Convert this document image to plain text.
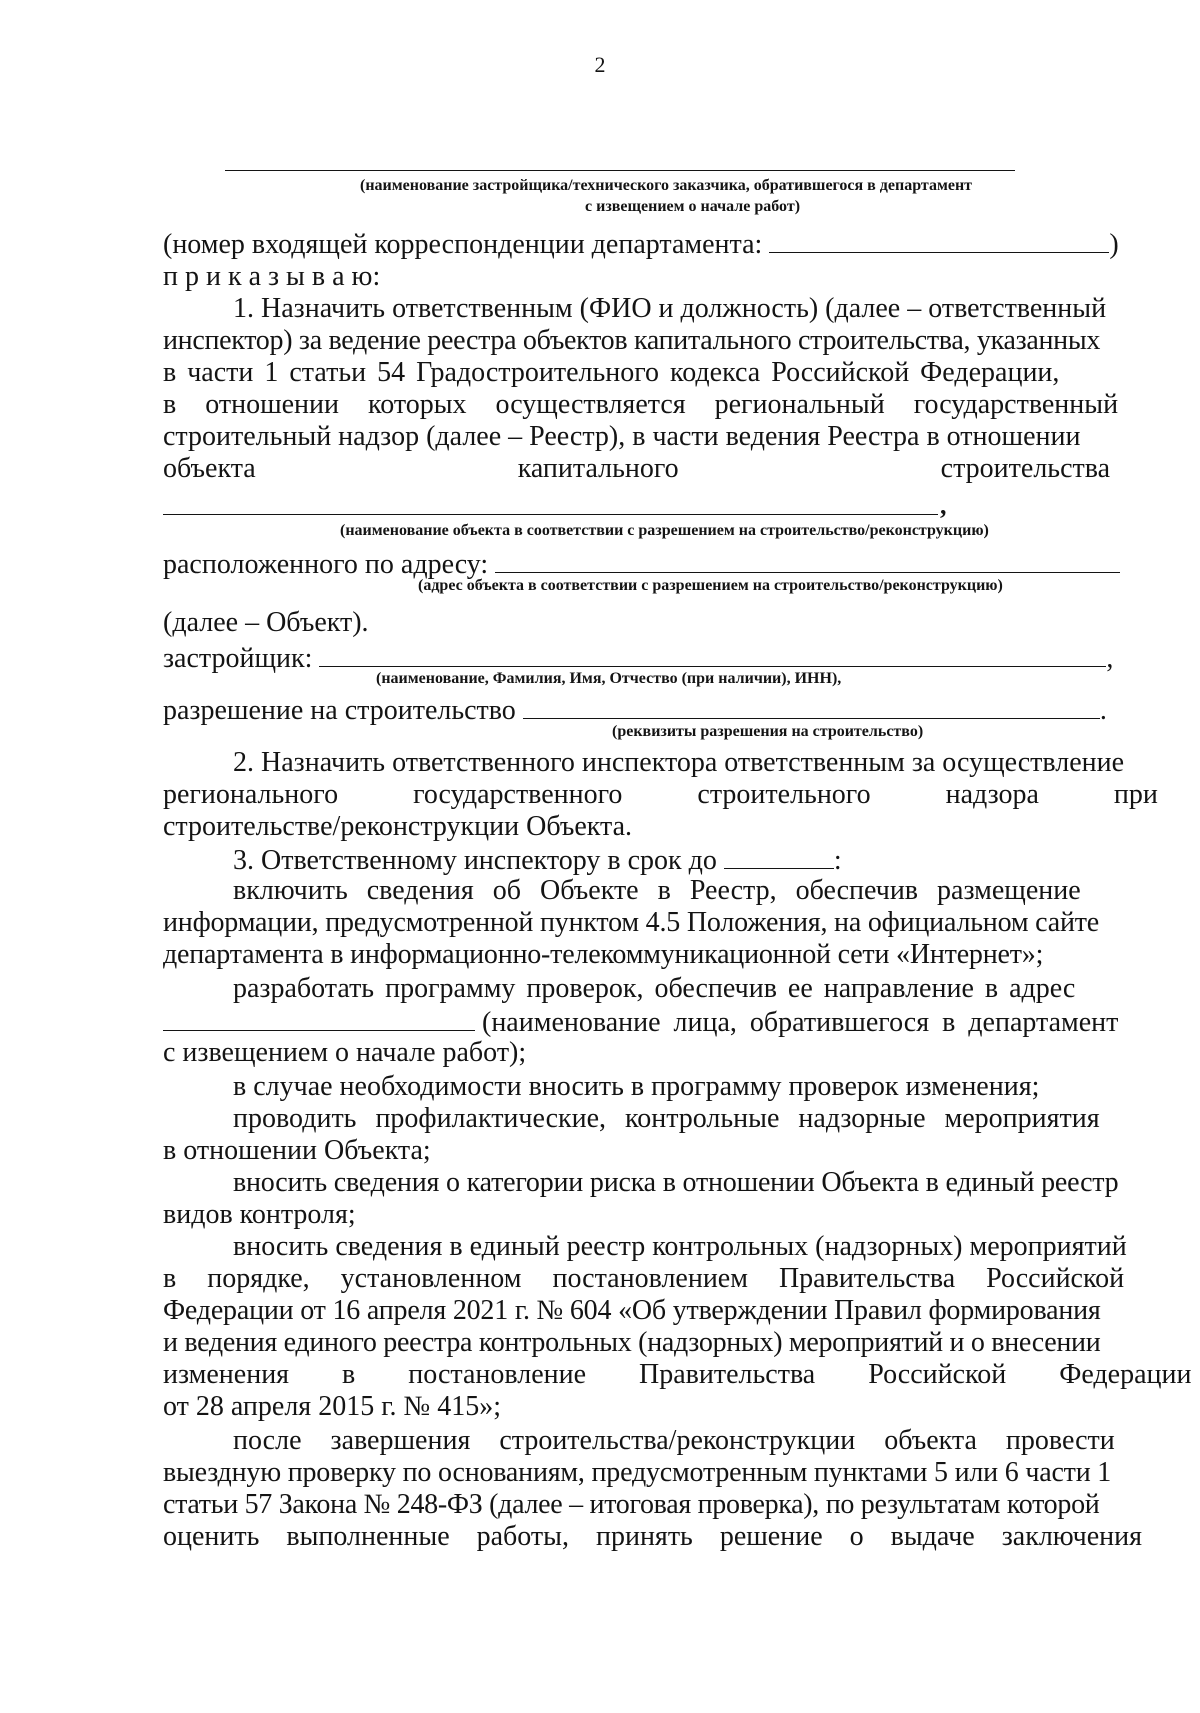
2
(наименование застройщика/технического заказчика, обратившегося в департамент
с извещением о начале работ)
(номер входящей корреспонденции департамента:	)
п р и к а з ы в а ю:
1. Назначить ответственным (ФИО и должность) (далее – ответственный
инспектор) за ведение реестра объектов капитального строительства, указанных
в части 1 статьи 54 Градостроительного кодекса Российской Федерации,
в отношении которых осуществляется региональный государственный
строительный надзор (далее – Реестр), в части ведения Реестра в отношении
объекта капитального строительства
,
(наименование объекта в соответствии с разрешением на строительство/реконструкцию)
расположенного по адресу:
(адрес объекта в соответствии с разрешением на строительство/реконструкцию)
(далее – Объект).
застройщик:	,
(наименование, Фамилия, Имя, Отчество (при наличии), ИНН),
разрешение на строительство	.
(реквизиты разрешения на строительство)
2. Назначить ответственного инспектора ответственным за осуществление
регионального государственного строительного надзора при
строительстве/реконструкции Объекта.
3. Ответственному инспектору в срок до	:
включить сведения об Объекте в Реестр, обеспечив размещение
информации, предусмотренной пунктом 4.5 Положения, на официальном сайте
департамента в информационно-телекоммуникационной сети «Интернет»;
разработать программу проверок, обеспечив ее направление в адрес
(наименование лица, обратившегося в департамент
с извещением о начале работ);
в случае необходимости вносить в программу проверок изменения;
проводить профилактические, контрольные надзорные мероприятия
в отношении Объекта;
вносить сведения о категории риска в отношении Объекта в единый реестр
видов контроля;
вносить сведения в единый реестр контрольных (надзорных) мероприятий
в порядке, установленном постановлением Правительства Российской
Федерации от 16 апреля 2021 г. № 604 «Об утверждении Правил формирования
и ведения единого реестра контрольных (надзорных) мероприятий и о внесении
изменения в постановление Правительства Российской Федерации
от 28 апреля 2015 г. № 415»;
после завершения строительства/реконструкции объекта провести
выездную проверку по основаниям, предусмотренным пунктами 5 или 6 части 1
статьи 57 Закона № 248-ФЗ (далее – итоговая проверка), по результатам которой
оценить выполненные работы, принять решение о выдаче заключения
